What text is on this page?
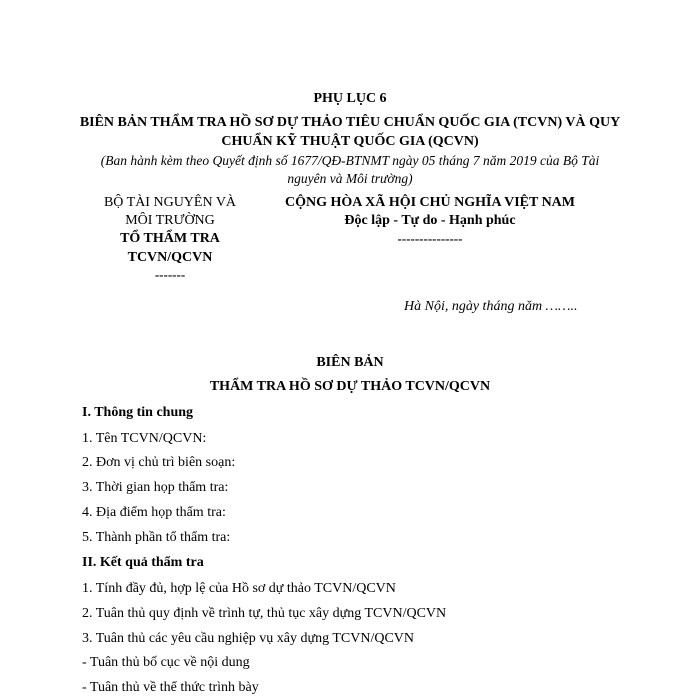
PHỤ LỤC 6
BIÊN BẢN THẨM TRA HỒ SƠ DỰ THẢO TIÊU CHUẨN QUỐC GIA (TCVN) VÀ QUY
CHUẨN KỸ THUẬT QUỐC GIA (QCVN)
(Ban hành kèm theo Quyết định số 1677/QĐ-BTNMT ngày 05 tháng 7 năm 2019 của Bộ Tài
nguyên và Môi trường)
BỘ TÀI NGUYÊN VÀ
MÔI TRƯỜNG
TỔ THẨM TRA
TCVN/QCVN
-------
CỘNG HÒA XÃ HỘI CHỦ NGHĨA VIỆT NAM
Độc lập - Tự do - Hạnh phúc
---------------
Hà Nội, ngày tháng năm ……..
BIÊN BẢN
THẨM TRA HỒ SƠ DỰ THẢO TCVN/QCVN
I. Thông tin chung
1. Tên TCVN/QCVN:
2. Đơn vị chủ trì biên soạn:
3. Thời gian họp thẩm tra:
4. Địa điểm họp thẩm tra:
5. Thành phần tổ thẩm tra:
II. Kết quả thẩm tra
1. Tính đầy đủ, hợp lệ của Hồ sơ dự thảo TCVN/QCVN
2. Tuân thủ quy định về trình tự, thủ tục xây dựng TCVN/QCVN
3. Tuân thủ các yêu cầu nghiệp vụ xây dựng TCVN/QCVN
- Tuân thủ bố cục về nội dung
- Tuân thủ về thể thức trình bày
